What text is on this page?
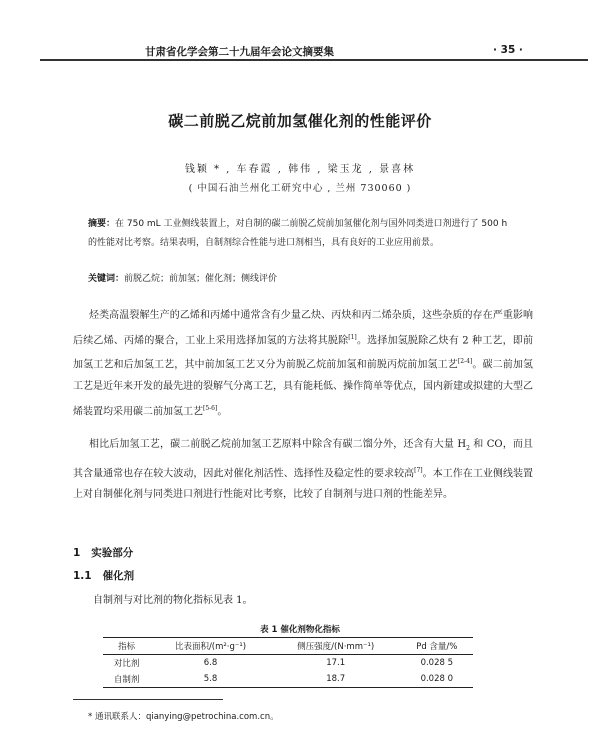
甘肃省化学会第二十九届年会论文摘要集	· 35 ·
碳二前脱乙烷前加氢催化剂的性能评价
钱颖 * , 车春霞 , 韩伟 , 梁玉龙 , 景喜林
( 中国石油兰州化工研究中心 , 兰州 730060 )
摘要：在 750 mL 工业侧线装置上，对自制的碳二前脱乙烷前加氢催化剂与国外同类进口剂进行了 500 h 的性能对比考察。结果表明，自制剂综合性能与进口剂相当，具有良好的工业应用前景。
关键词：前脱乙烷；前加氢；催化剂；侧线评价

烃类高温裂解生产的乙烯和丙烯中通常含有少量乙炔、丙炔和丙二烯杂质，这些杂质的存在严重影响后续乙烯、丙烯的聚合，工业上采用选择加氢的方法将其脱除[1]。选择加氢脱除乙炔有 2 种工艺，即前加氢工艺和后加氢工艺，其中前加氢工艺又分为前脱乙烷前加氢和前脱丙烷前加氢工艺[2-4]。碳二前加氢工艺是近年来开发的最先进的裂解气分离工艺，具有能耗低、操作简单等优点，国内新建或拟建的大型乙烯装置均采用碳二前加氢工艺[5-6]。

相比后加氢工艺，碳二前脱乙烷前加氢工艺原料中除含有碳二馏分外，还含有大量 $H_2$ 和 CO，而且其含量通常也存在较大波动，因此对催化剂活性、选择性及稳定性的要求较高[7]。本工作在工业侧线装置上对自制催化剂与同类进口剂进行性能对比考察，比较了自制剂与进口剂的性能差异。

1 实验部分
1.1 催化剂
自制剂与对比剂的物化指标见表 1。
表 1 催化剂物化指标
指标	比表面积/(m²·g⁻¹)	侧压强度/(N·mm⁻¹)	Pd 含量/%
对比剂	6.8	17.1	0.028 5
自制剂	5.8	18.7	0.028 0
* 通讯联系人：qianying@petrochina.com.cn。
